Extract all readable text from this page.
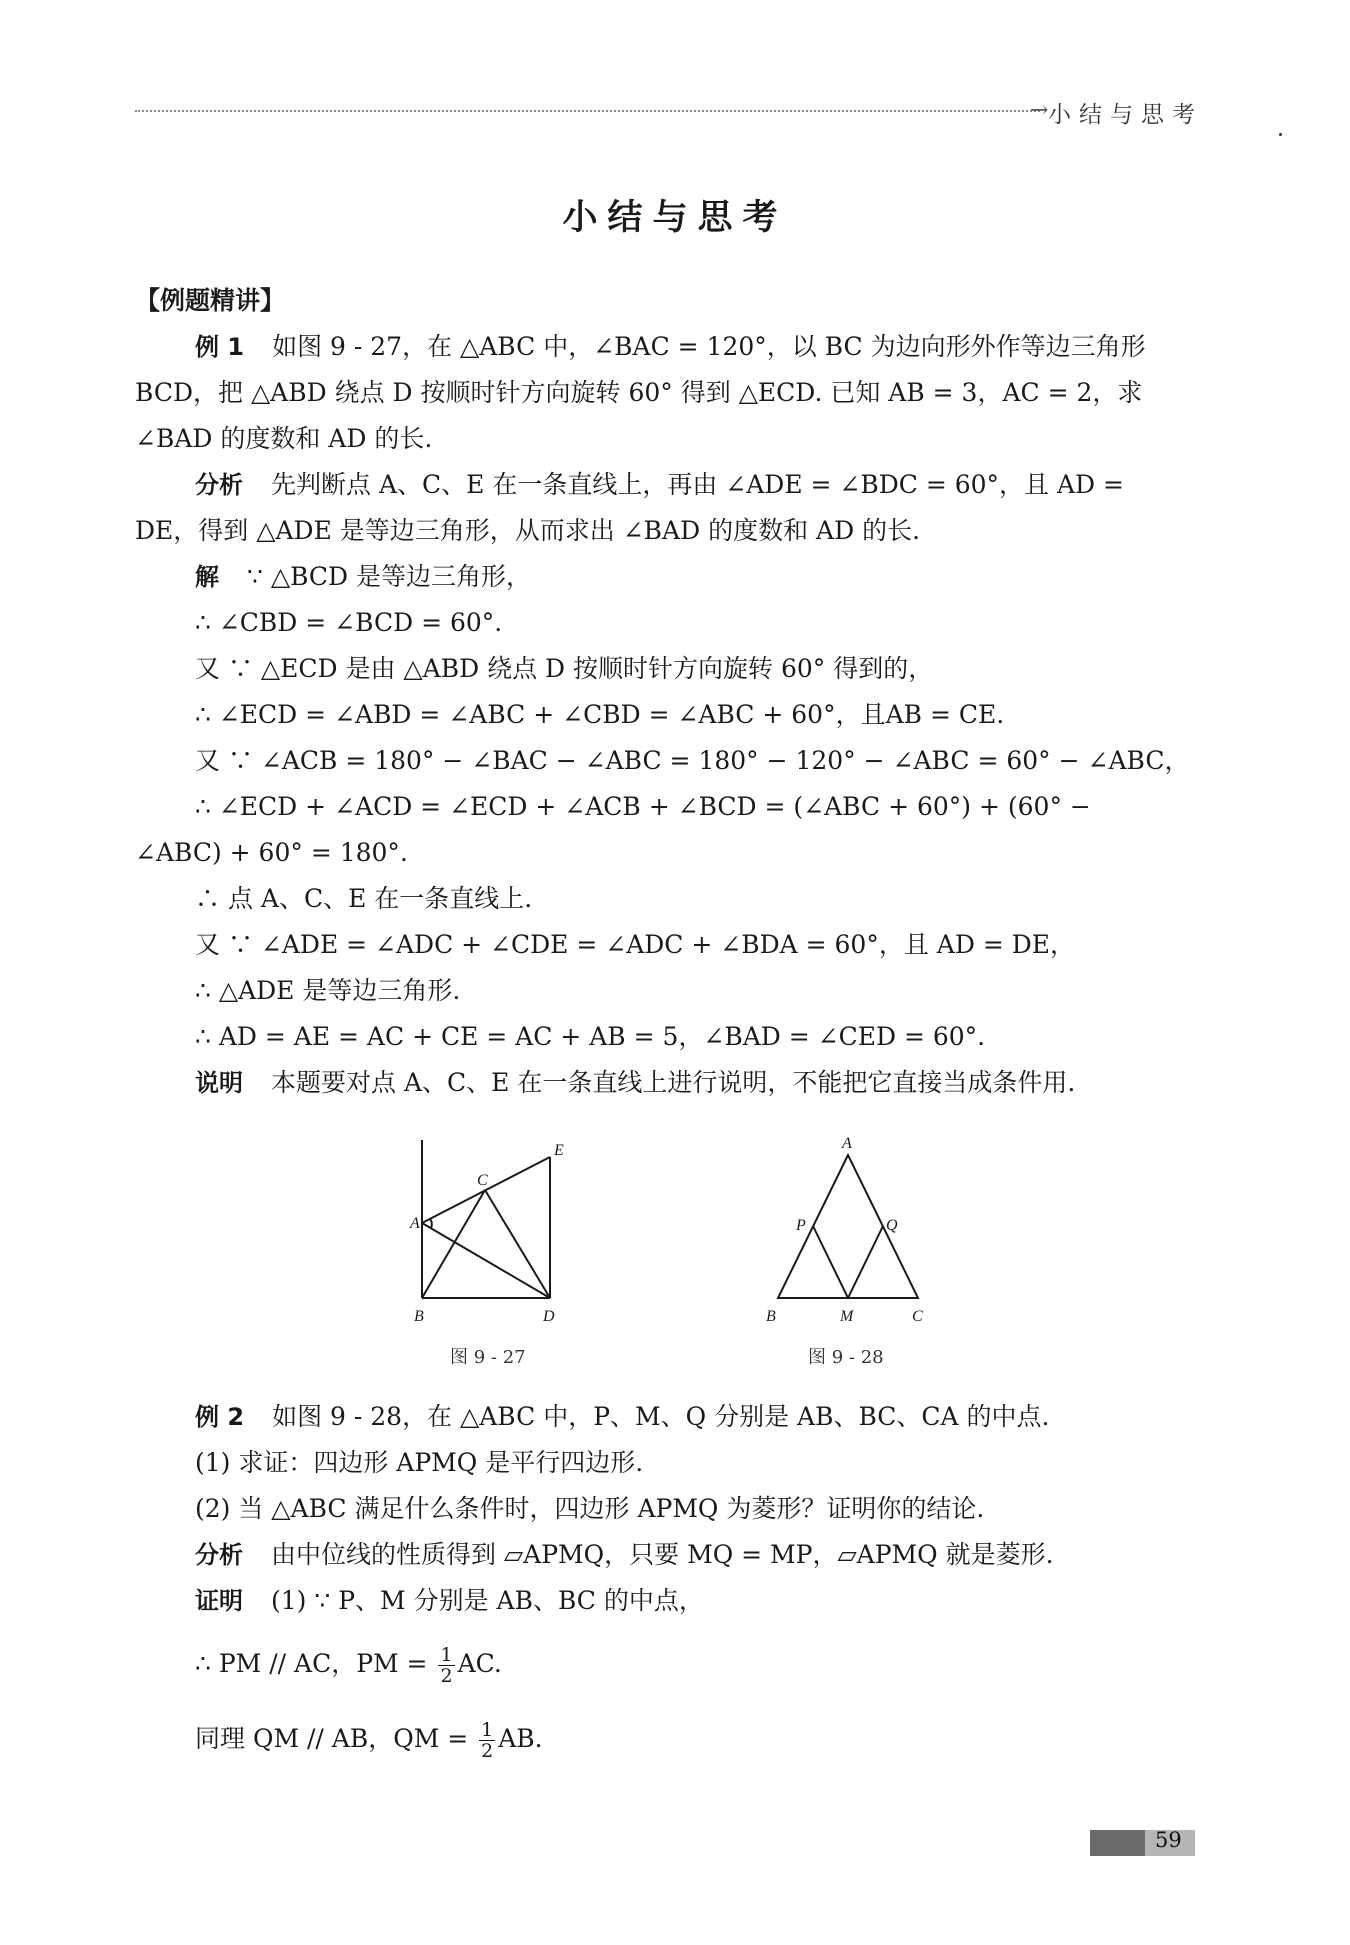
→ 小结与思考
小结与思考
【例题精讲】
例 1 如图 9 - 27，在 △ABC 中，∠BAC = 120°，以 BC 为边向形外作等边三角形
BCD，把 △ABD 绕点 D 按顺时针方向旋转 60° 得到 △ECD. 已知 AB = 3，AC = 2，求
∠BAD 的度数和 AD 的长.
分析 先判断点 A、C、E 在一条直线上，再由 ∠ADE = ∠BDC = 60°，且 AD =
DE，得到 △ADE 是等边三角形，从而求出 ∠BAD 的度数和 AD 的长.
解 ∵ △BCD 是等边三角形，
∴ ∠CBD = ∠BCD = 60°.
又 ∵ △ECD 是由 △ABD 绕点 D 按顺时针方向旋转 60° 得到的，
∴ ∠ECD = ∠ABD = ∠ABC + ∠CBD = ∠ABC + 60°，且AB = CE.
又 ∵ ∠ACB = 180° − ∠BAC − ∠ABC = 180° − 120° − ∠ABC = 60° − ∠ABC，
∴ ∠ECD + ∠ACD = ∠ECD + ∠ACB + ∠BCD = (∠ABC + 60°) + (60° −
∠ABC) + 60° = 180°.
∴ 点 A、C、E 在一条直线上.
又 ∵ ∠ADE = ∠ADC + ∠CDE = ∠ADC + ∠BDA = 60°，且 AD = DE，
∴ △ADE 是等边三角形.
∴ AD = AE = AC + CE = AC + AB = 5，∠BAD = ∠CED = 60°.
说明 本题要对点 A、C、E 在一条直线上进行说明，不能把它直接当成条件用.
E
C
A
B	D
图 9 - 27
A
P	Q
B	M	C
图 9 - 28
例 2 如图 9 - 28，在 △ABC 中，P、M、Q 分别是 AB、BC、CA 的中点.
(1) 求证：四边形 APMQ 是平行四边形.
(2) 当 △ABC 满足什么条件时，四边形 APMQ 为菱形？证明你的结论.
分析 由中位线的性质得到 ▱APMQ，只要 MQ = MP，▱APMQ 就是菱形.
证明 (1) ∵ P、M 分别是 AB、BC 的中点，
∴ PM // AC，PM = $\frac{1}{2}$ AC.
同理 QM // AB，QM = $\frac{1}{2}$ AB.
59
